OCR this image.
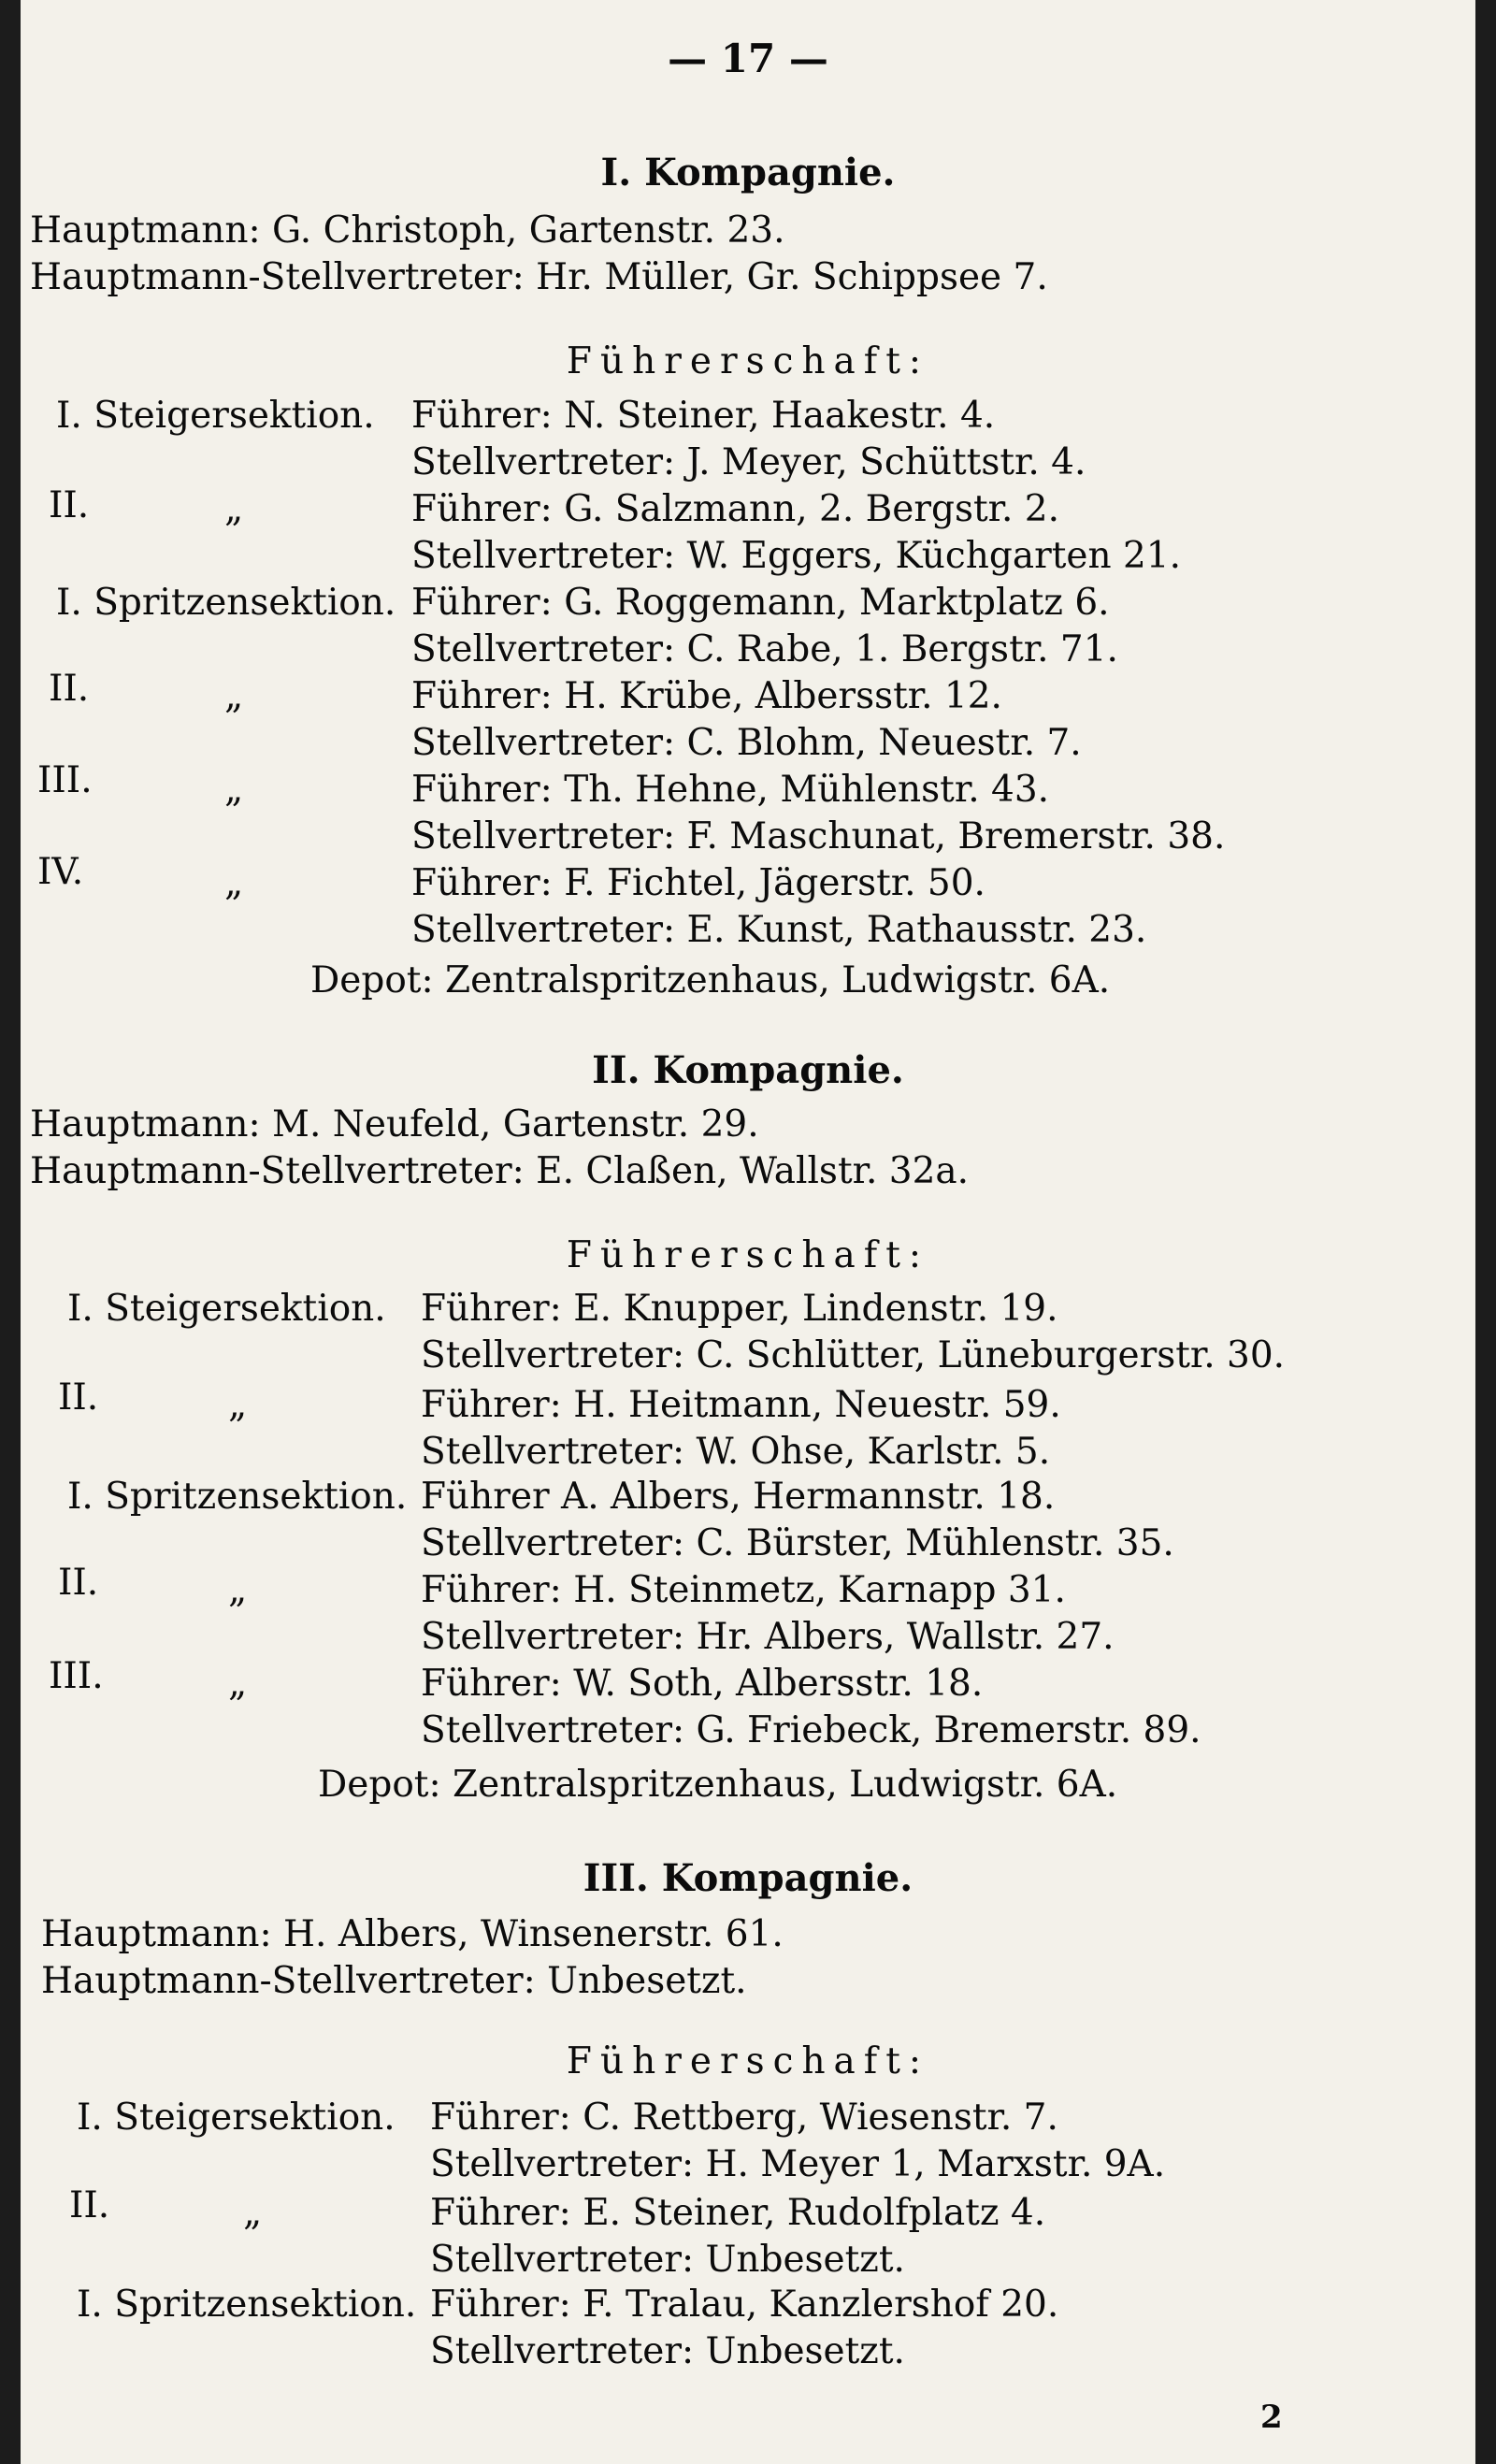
— 17 —
I. Kompagnie.
Hauptmann: G. Christoph, Gartenstr. 23.
Hauptmann-Stellvertreter: Hr. Müller, Gr. Schippsee 7.
Führerschaft:
I. Steigersektion. Führer: N. Steiner, Haakestr. 4.
Stellvertreter: J. Meyer, Schüttstr. 4.
II.	„	Führer: G. Salzmann, 2. Bergstr. 2.
Stellvertreter: W. Eggers, Küchgarten 21.
I. Spritzensektion. Führer: G. Roggemann, Marktplatz 6.
Stellvertreter: C. Rabe, 1. Bergstr. 71.
II.	„	Führer: H. Krübe, Albersstr. 12.
Stellvertreter: C. Blohm, Neuestr. 7.
III.	„	Führer: Th. Hehne, Mühlenstr. 43.
Stellvertreter: F. Maschunat, Bremerstr. 38.
IV.	„	Führer: F. Fichtel, Jägerstr. 50.
Stellvertreter: E. Kunst, Rathausstr. 23.
Depot: Zentralspritzenhaus, Ludwigstr. 6A.
II. Kompagnie.
Hauptmann: M. Neufeld, Gartenstr. 29.
Hauptmann-Stellvertreter: E. Claßen, Wallstr. 32a.
Führerschaft:
I. Steigersektion. Führer: E. Knupper, Lindenstr. 19.
Stellvertreter: C. Schlütter, Lüneburgerstr. 30.
II.	„	Führer: H. Heitmann, Neuestr. 59.
Stellvertreter: W. Ohse, Karlstr. 5.
I. Spritzensektion. Führer A. Albers, Hermannstr. 18.
Stellvertreter: C. Bürster, Mühlenstr. 35.
II.	„	Führer: H. Steinmetz, Karnapp 31.
Stellvertreter: Hr. Albers, Wallstr. 27.
III.	„	Führer: W. Soth, Albersstr. 18.
Stellvertreter: G. Friebeck, Bremerstr. 89.
Depot: Zentralspritzenhaus, Ludwigstr. 6A.
III. Kompagnie.
Hauptmann: H. Albers, Winsenerstr. 61.
Hauptmann-Stellvertreter: Unbesetzt.
Führerschaft:
I. Steigersektion. Führer: C. Rettberg, Wiesenstr. 7.
Stellvertreter: H. Meyer 1, Marxstr. 9A.
II.	„	Führer: E. Steiner, Rudolfplatz 4.
Stellvertreter: Unbesetzt.
I. Spritzensektion. Führer: F. Tralau, Kanzlershof 20.
Stellvertreter: Unbesetzt.
2
